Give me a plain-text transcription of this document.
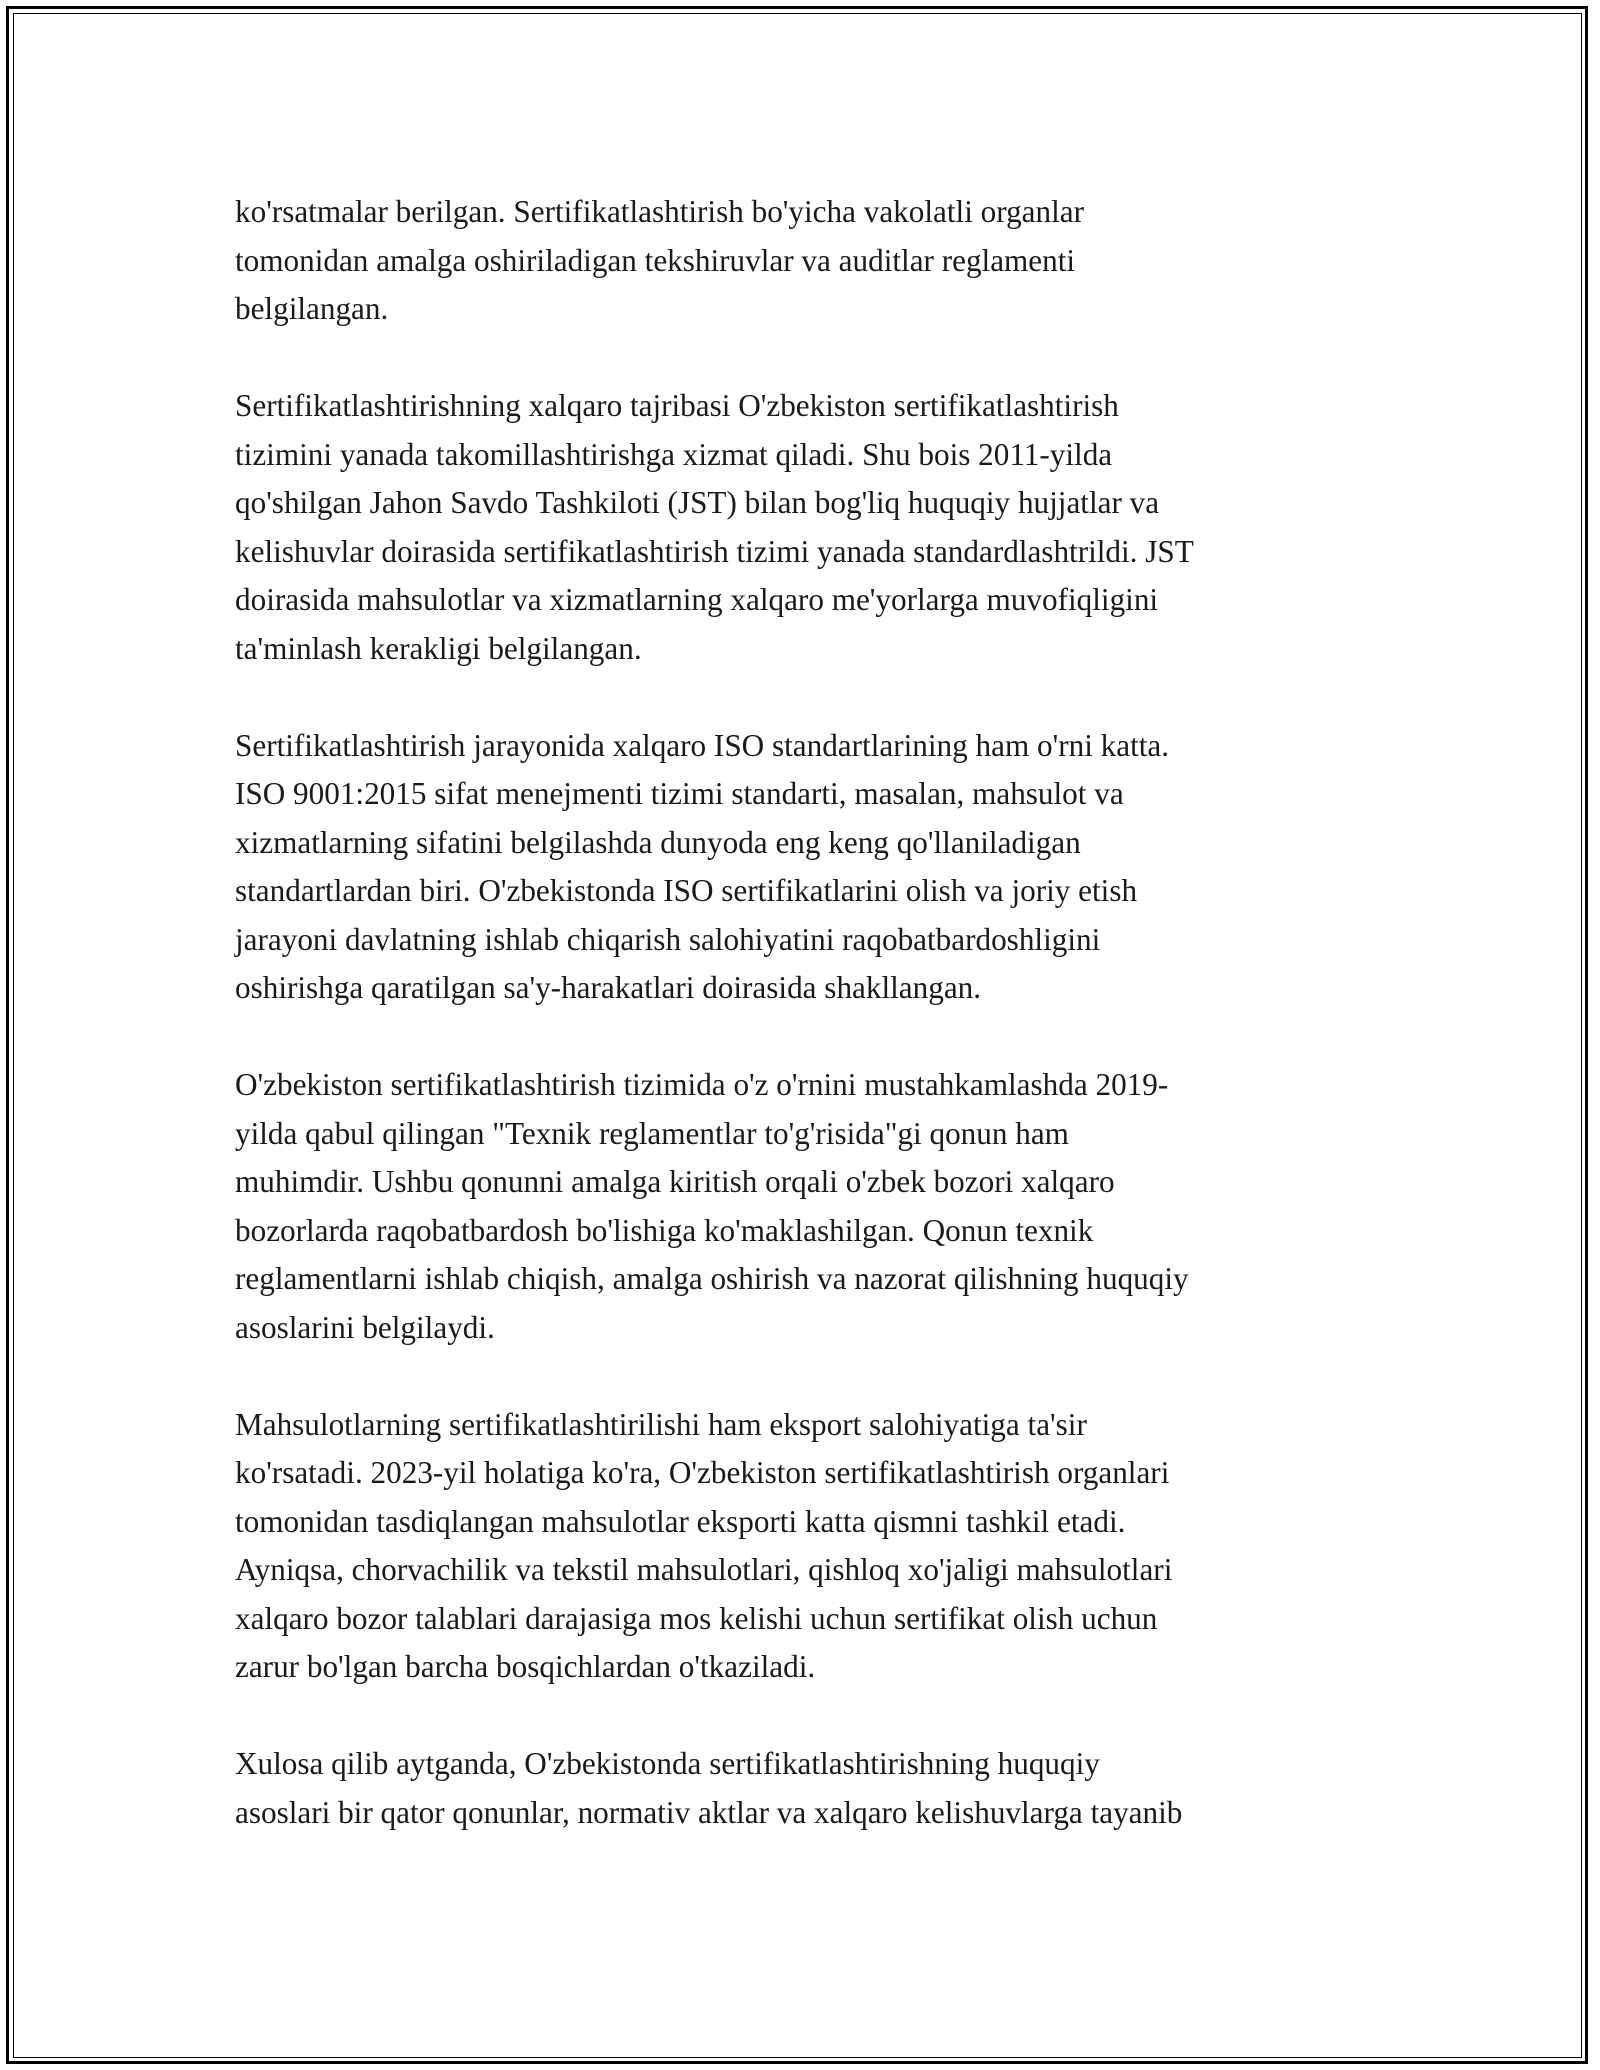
ko'rsatmalar berilgan. Sertifikatlashtirish bo'yicha vakolatli organlar
tomonidan amalga oshiriladigan tekshiruvlar va auditlar reglamenti
belgilangan.
Sertifikatlashtirishning xalqaro tajribasi O'zbekiston sertifikatlashtirish
tizimini yanada takomillashtirishga xizmat qiladi. Shu bois 2011-yilda
qo'shilgan Jahon Savdo Tashkiloti (JST) bilan bog'liq huquqiy hujjatlar va
kelishuvlar doirasida sertifikatlashtirish tizimi yanada standardlashtrildi. JST
doirasida mahsulotlar va xizmatlarning xalqaro me'yorlarga muvofiqligini
ta'minlash kerakligi belgilangan.
Sertifikatlashtirish jarayonida xalqaro ISO standartlarining ham o'rni katta.
ISO 9001:2015 sifat menejmenti tizimi standarti, masalan, mahsulot va
xizmatlarning sifatini belgilashda dunyoda eng keng qo'llaniladigan
standartlardan biri. O'zbekistonda ISO sertifikatlarini olish va joriy etish
jarayoni davlatning ishlab chiqarish salohiyatini raqobatbardoshligini
oshirishga qaratilgan sa'y-harakatlari doirasida shakllangan.
O'zbekiston sertifikatlashtirish tizimida o'z o'rnini mustahkamlashda 2019-
yilda qabul qilingan "Texnik reglamentlar to'g'risida"gi qonun ham
muhimdir. Ushbu qonunni amalga kiritish orqali o'zbek bozori xalqaro
bozorlarda raqobatbardosh bo'lishiga ko'maklashilgan. Qonun texnik
reglamentlarni ishlab chiqish, amalga oshirish va nazorat qilishning huquqiy
asoslarini belgilaydi.
Mahsulotlarning sertifikatlashtirilishi ham eksport salohiyatiga ta'sir
ko'rsatadi. 2023-yil holatiga ko'ra, O'zbekiston sertifikatlashtirish organlari
tomonidan tasdiqlangan mahsulotlar eksporti katta qismni tashkil etadi.
Ayniqsa, chorvachilik va tekstil mahsulotlari, qishloq xo'jaligi mahsulotlari
xalqaro bozor talablari darajasiga mos kelishi uchun sertifikat olish uchun
zarur bo'lgan barcha bosqichlardan o'tkaziladi.
Xulosa qilib aytganda, O'zbekistonda sertifikatlashtirishning huquqiy
asoslari bir qator qonunlar, normativ aktlar va xalqaro kelishuvlarga tayanib
